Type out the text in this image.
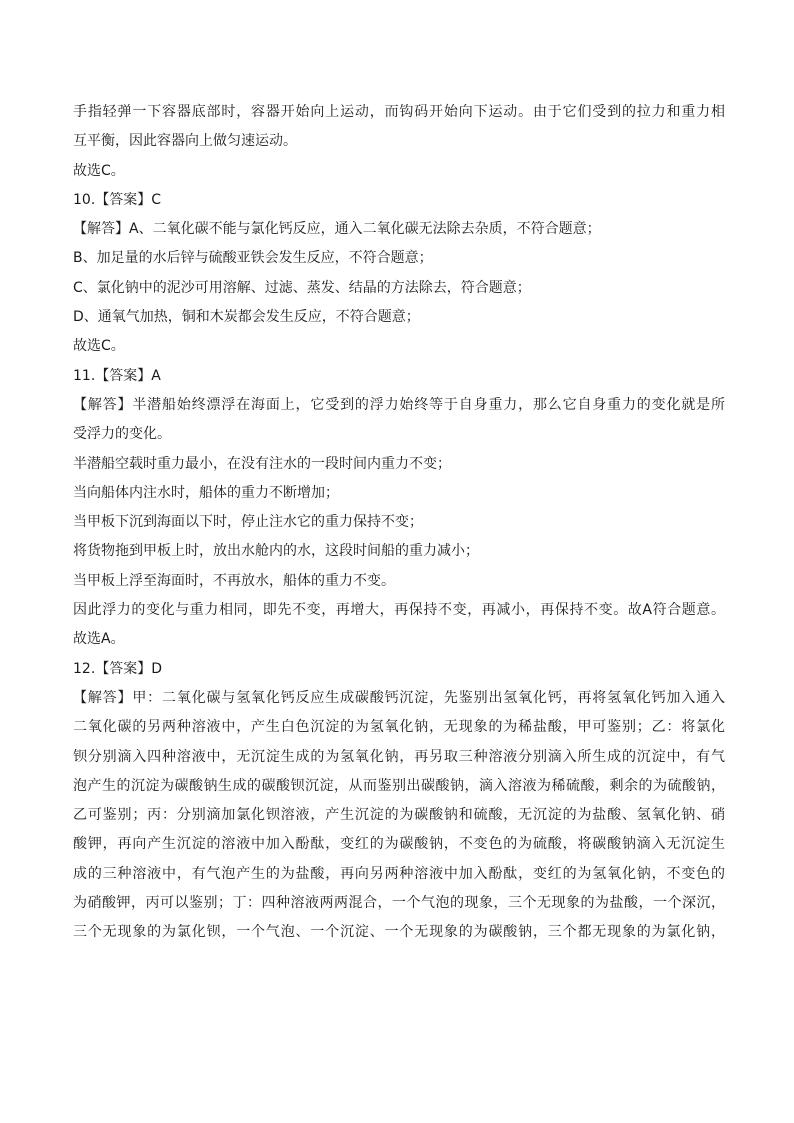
手指轻弹一下容器底部时，容器开始向上运动，而钩码开始向下运动。由于它们受到的拉力和重力相
互平衡，因此容器向上做匀速运动。
故选C。
10.【答案】C
【解答】A、二氧化碳不能与氯化钙反应，通入二氧化碳无法除去杂质，不符合题意；
B、加足量的水后锌与硫酸亚铁会发生反应，不符合题意；
C、氯化钠中的泥沙可用溶解、过滤、蒸发、结晶的方法除去，符合题意；
D、通氧气加热，铜和木炭都会发生反应，不符合题意；
故选C。
11.【答案】A
【解答】半潜船始终漂浮在海面上，它受到的浮力始终等于自身重力，那么它自身重力的变化就是所
受浮力的变化。
半潜船空载时重力最小，在没有注水的一段时间内重力不变；
当向船体内注水时，船体的重力不断增加；
当甲板下沉到海面以下时，停止注水它的重力保持不变；
将货物拖到甲板上时，放出水舱内的水，这段时间船的重力减小；
当甲板上浮至海面时，不再放水，船体的重力不变。
因此浮力的变化与重力相同，即先不变，再增大，再保持不变，再减小，再保持不变。故A符合题意。
故选A。
12.【答案】D
【解答】甲：二氧化碳与氢氧化钙反应生成碳酸钙沉淀，先鉴别出氢氧化钙，再将氢氧化钙加入通入
二氧化碳的另两种溶液中，产生白色沉淀的为氢氧化钠，无现象的为稀盐酸，甲可鉴别；乙：将氯化
钡分别滴入四种溶液中，无沉淀生成的为氢氧化钠，再另取三种溶液分别滴入所生成的沉淀中，有气
泡产生的沉淀为碳酸钠生成的碳酸钡沉淀，从而鉴别出碳酸钠，滴入溶液为稀硫酸，剩余的为硫酸钠，
乙可鉴别；丙：分别滴加氯化钡溶液，产生沉淀的为碳酸钠和硫酸，无沉淀的为盐酸、氢氧化钠、硝
酸钾，再向产生沉淀的溶液中加入酚酞，变红的为碳酸钠，不变色的为硫酸，将碳酸钠滴入无沉淀生
成的三种溶液中，有气泡产生的为盐酸，再向另两种溶液中加入酚酞，变红的为氢氧化钠，不变色的
为硝酸钾，丙可以鉴别；丁：四种溶液两两混合，一个气泡的现象，三个无现象的为盐酸，一个深沉，
三个无现象的为氯化钡，一个气泡、一个沉淀、一个无现象的为碳酸钠，三个都无现象的为氯化钠，
